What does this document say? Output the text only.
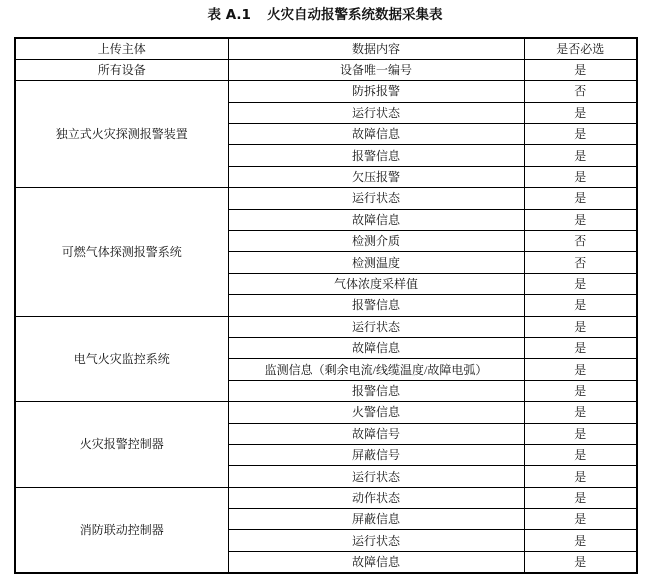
表 A.1 火灾自动报警系统数据采集表
上传主体	数据内容	是否必选
所有设备	设备唯一编号	是
独立式火灾探测报警装置	防拆报警	否
	运行状态	是
	故障信息	是
	报警信息	是
	欠压报警	是
可燃气体探测报警系统	运行状态	是
	故障信息	是
	检测介质	否
	检测温度	否
	气体浓度采样值	是
	报警信息	是
电气火灾监控系统	运行状态	是
	故障信息	是
	监测信息（剩余电流/线缆温度/故障电弧）	是
	报警信息	是
火灾报警控制器	火警信息	是
	故障信号	是
	屏蔽信号	是
	运行状态	是
消防联动控制器	动作状态	是
	屏蔽信息	是
	运行状态	是
	故障信息	是
